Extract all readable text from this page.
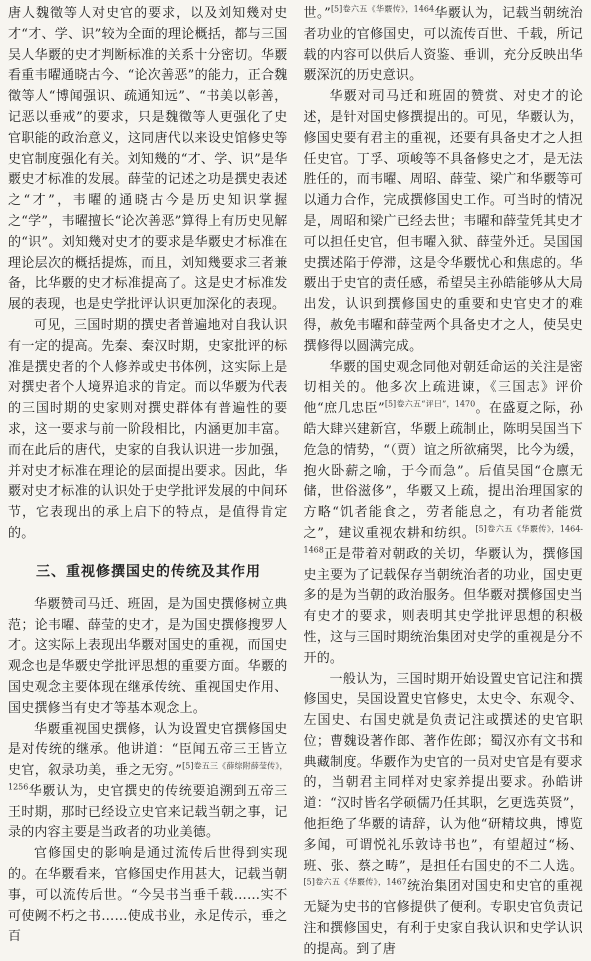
唐人魏徵等人对史官的要求，以及刘知幾对史才“才、学、识”较为全面的理论概括，都与三国吴人华覈的史才判断标准的关系十分密切。华覈看重韦曜通晓古今、“论次善恶”的能力，正合魏徵等人“博闻强识、疏通知远”、“书美以彰善，记恶以垂戒”的要求，只是魏徵等人更强化了史官职能的政治意义，这同唐代以来设史馆修史等史官制度强化有关。刘知幾的“才、学、识”是华覈史才标准的发展。薛莹的记述之功是撰史表述之“才”，韦曜的通晓古今是历史知识掌握之“学”，韦曜擅长“论次善恶”算得上有历史见解的“识”。刘知幾对史才的要求是华覈史才标准在理论层次的概括提炼，而且，刘知幾要求三者兼备，比华覈的史才标准提高了。这是史才标准发展的表现，也是史学批评认识更加深化的表现。

可见，三国时期的撰史者普遍地对自我认识有一定的提高。先秦、秦汉时期，史家批评的标准是撰史者的个人修养或史书体例，这实际上是对撰史者个人境界追求的肯定。而以华覈为代表的三国时期的史家则对撰史群体有普遍性的要求，这一要求与前一阶段相比，内涵更加丰富。而在此后的唐代，史家的自我认识进一步加强，并对史才标准在理论的层面提出要求。因此，华覈对史才标准的认识处于史学批评发展的中间环节，它表现出的承上启下的特点，是值得肯定的。

三、重视修撰国史的传统及其作用

华覈赞司马迁、班固，是为国史撰修树立典范；论韦曜、薛莹的史才，是为国史撰修搜罗人才。这实际上表现出华覈对国史的重视，而国史观念也是华覈史学批评思想的重要方面。华覈的国史观念主要体现在继承传统、重视国史作用、国史撰修当有史才等基本观念上。

华覈重视国史撰修，认为设置史官撰修国史是对传统的继承。他讲道：“臣闻五帝三王皆立史官，叙录功美，垂之无穷。”$^{[5]卷五三《薛综附薛莹传》,1256}$华覈认为，史官撰史的传统要追溯到五帝三王时期，那时已经设立史官来记载当朝之事，记录的内容主要是当政者的功业美德。

官修国史的影响是通过流传后世得到实现的。在华覈看来，官修国史作用甚大，记载当朝事，可以流传后世。“今吴书当垂千载……实不可使阙不朽之书……使成书业，永足传示，垂之百

世。”$^{[5]卷六五《华覈传》,1464}$华覈认为，记载当朝统治者功业的官修国史，可以流传百世、千载，所记载的内容可以供后人资鉴、垂训，充分反映出华覈深沉的历史意识。

华覈对司马迁和班固的赞赏、对史才的论述，是针对国史修撰提出的。可见，华覈认为，修国史要有君主的重视，还要有具备史才之人担任史官。丁孚、项峻等不具备修史之才，是无法胜任的，而韦曜、周昭、薛莹、梁广和华覈等可以通力合作，完成撰修国史工作。可当时的情况是，周昭和梁广已经去世；韦曜和薛莹凭其史才可以担任史官，但韦曜入狱、薛莹外迁。吴国国史撰述陷于停滞，这是令华覈忧心和焦虑的。华覈出于史官的责任感，希望吴主孙皓能够从大局出发，认识到撰修国史的重要和史官史才的难得，赦免韦曜和薛莹两个具备史才之人，使吴史撰修得以圆满完成。

华覈的国史观念同他对朝廷命运的关注是密切相关的。他多次上疏进谏，《三国志》评价他“庶几忠臣”$^{[5]卷六五“评曰”,1470}$。在盛夏之际，孙皓大肆兴建新宫，华覈上疏制止，陈明吴国当下危急的情势，“（贾）谊之所欲痛哭，比今为缓，抱火卧薪之喻，于今而急”。后值吴国“仓廪无储，世俗滋侈”，华覈又上疏，提出治理国家的方略“饥者能食之，劳者能息之，有功者能赏之”，建议重视农耕和纺织。$^{[5]卷六五《华覈传》,1464-1468}$正是带着对朝政的关切，华覈认为，撰修国史主要为了记载保存当朝统治者的功业，国史更多的是为当朝的政治服务。但华覈对撰修国史当有史才的要求，则表明其史学批评思想的积极性，这与三国时期统治集团对史学的重视是分不开的。

一般认为，三国时期开始设置史官记注和撰修国史，吴国设置史官修史，太史令、东观令、左国史、右国史就是负责记注或撰述的史官职位；曹魏设著作郎、著作佐郎；蜀汉亦有文书和典藏制度。华覈作为史官的一员对史官是有要求的，当朝君主同样对史家养提出要求。孙皓讲道：“汉时皆名学硕儒乃任其职，乞更选英贤”，他拒绝了华覈的请辞，认为他“研精坟典，博览多闻，可谓悦礼乐敦诗书也”，有望超过“杨、班、张、蔡之畴”，是担任右国史的不二人选。$^{[5]卷六五《华覈传》,1467}$统治集团对国史和史官的重视无疑为史书的官修提供了便利。专职史官负责记注和撰修国史，有利于史家自我认识和史学认识的提高。到了唐
